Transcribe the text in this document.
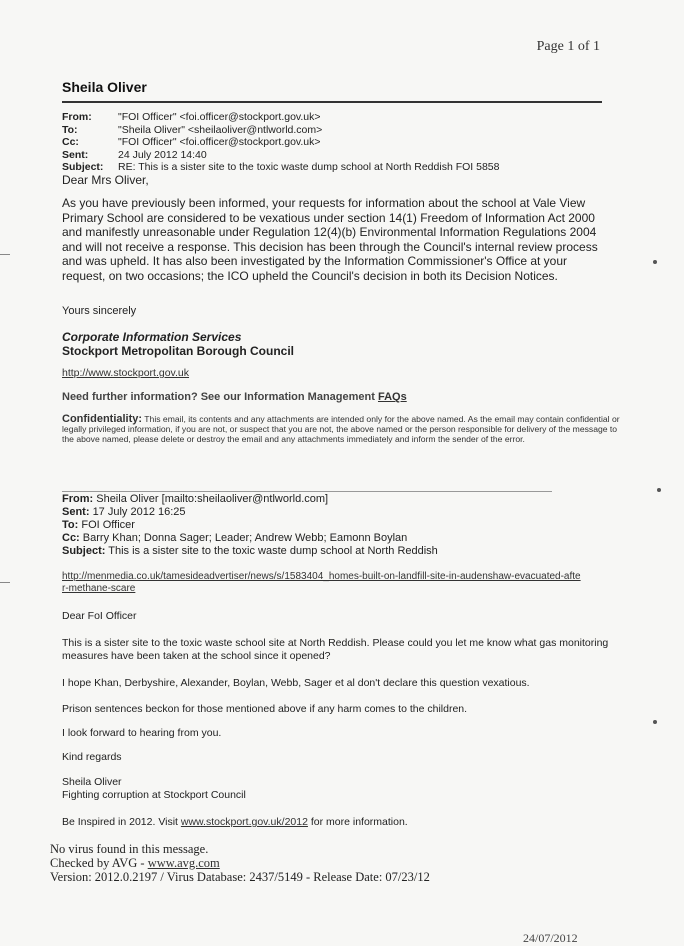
Page 1 of 1
Sheila Oliver
From:	"FOI Officer" <foi.officer@stockport.gov.uk>
To:	"Sheila Oliver" <sheilaoliver@ntlworld.com>
Cc:	"FOI Officer" <foi.officer@stockport.gov.uk>
Sent:	24 July 2012 14:40
Subject:	RE: This is a sister site to the toxic waste dump school at North Reddish FOI 5858
Dear Mrs Oliver,
As you have previously been informed, your requests for information about the school at Vale View Primary School are considered to be vexatious under section 14(1) Freedom of Information Act 2000 and manifestly unreasonable under Regulation 12(4)(b) Environmental Information Regulations 2004 and will not receive a response. This decision has been through the Council's internal review process and was upheld. It has also been investigated by the Information Commissioner's Office at your request, on two occasions; the ICO upheld the Council's decision in both its Decision Notices.
Yours sincerely
Corporate Information Services
Stockport Metropolitan Borough Council
http://www.stockport.gov.uk
Need further information? See our Information Management FAQs
Confidentiality: This email, its contents and any attachments are intended only for the above named. As the email may contain confidential or legally privileged information, if you are not, or suspect that you are not, the above named or the person responsible for delivery of the message to the above named, please delete or destroy the email and any attachments immediately and inform the sender of the error.
From: Sheila Oliver [mailto:sheilaoliver@ntlworld.com]
Sent: 17 July 2012 16:25
To: FOI Officer
Cc: Barry Khan; Donna Sager; Leader; Andrew Webb; Eamonn Boylan
Subject: This is a sister site to the toxic waste dump school at North Reddish
http://menmedia.co.uk/tamesideadvertiser/news/s/1583404_homes-built-on-landfill-site-in-audenshaw-evacuated-after-methane-scare
Dear FoI Officer
This is a sister site to the toxic waste school site at North Reddish. Please could you let me know what gas monitoring measures have been taken at the school since it opened?
I hope Khan, Derbyshire, Alexander, Boylan, Webb, Sager et al don't declare this question vexatious.
Prison sentences beckon for those mentioned above if any harm comes to the children.
I look forward to hearing from you.
Kind regards
Sheila Oliver
Fighting corruption at Stockport Council
Be Inspired in 2012. Visit www.stockport.gov.uk/2012 for more information.
No virus found in this message.
Checked by AVG - www.avg.com
Version: 2012.0.2197 / Virus Database: 2437/5149 - Release Date: 07/23/12
24/07/2012
